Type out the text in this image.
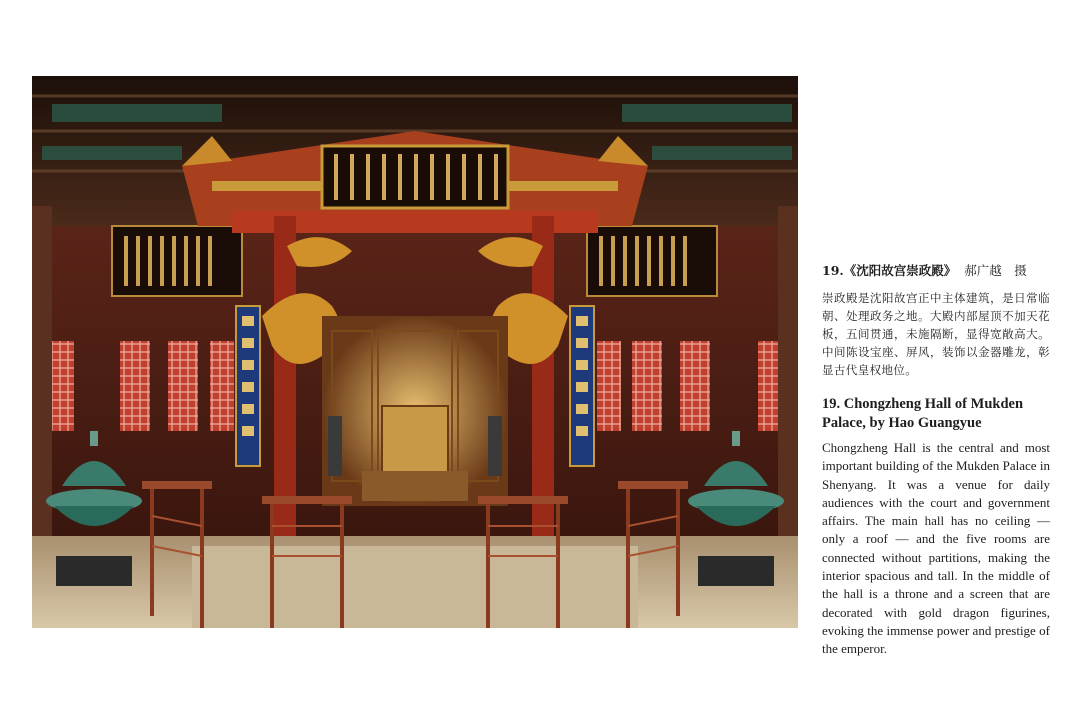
19.《沈阳故宫崇政殿》 郝广越　摄

崇政殿是沈阳故宫正中主体建筑，是日常临朝、处理政务之地。大殿内部屋顶不加天花板，五间贯通，未施隔断，显得宽敞高大。中间陈设宝座、屏风，装饰以金器雕龙，彰显古代皇权地位。

19. Chongzheng Hall of Mukden Palace, by Hao Guangyue

Chongzheng Hall is the central and most important building of the Mukden Palace in Shenyang. It was a venue for daily audiences with the court and government affairs. The main hall has no ceiling — only a roof — and the five rooms are connected without partitions, making the interior spacious and tall. In the middle of the hall is a throne and a screen that are decorated with gold dragon figurines, evoking the immense power and prestige of the emperor.
